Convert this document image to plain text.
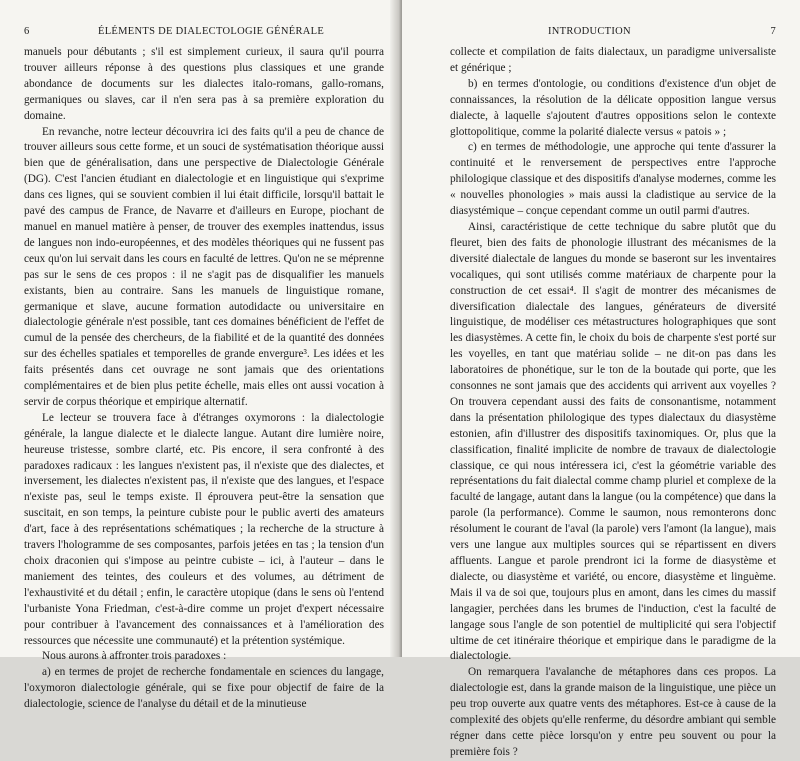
6	ÉLÉMENTS DE DIALECTOLOGIE GÉNÉRALE

manuels pour débutants ; s'il est simplement curieux, il saura qu'il pourra trouver ailleurs réponse à des questions plus classiques et une grande abondance de documents sur les dialectes italo-romans, gallo-romans, germaniques ou slaves, car il n'en sera pas à sa première exploration du domaine.

En revanche, notre lecteur découvrira ici des faits qu'il a peu de chance de trouver ailleurs sous cette forme, et un souci de systématisation théorique aussi bien que de généralisation, dans une perspective de Dialectologie Générale (DG). C'est l'ancien étudiant en dialectologie et en linguistique qui s'exprime dans ces lignes, qui se souvient combien il lui était difficile, lorsqu'il battait le pavé des campus de France, de Navarre et d'ailleurs en Europe, piochant de manuel en manuel matière à penser, de trouver des exemples inattendus, issus de langues non indo-européennes, et des modèles théoriques qui ne fussent pas ceux qu'on lui servait dans les cours en faculté de lettres. Qu'on ne se méprenne pas sur le sens de ces propos : il ne s'agit pas de disqualifier les manuels existants, bien au contraire. Sans les manuels de linguistique romane, germanique et slave, aucune formation autodidacte ou universitaire en dialectologie générale n'est possible, tant ces domaines bénéficient de l'effet de cumul de la pensée des chercheurs, de la fiabilité et de la quantité des données sur des échelles spatiales et temporelles de grande envergure³. Les idées et les faits présentés dans cet ouvrage ne sont jamais que des orientations complémentaires et de bien plus petite échelle, mais elles ont aussi vocation à servir de corpus théorique et empirique alternatif.

Le lecteur se trouvera face à d'étranges oxymorons : la dialectologie générale, la langue dialecte et le dialecte langue. Autant dire lumière noire, heureuse tristesse, sombre clarté, etc. Pis encore, il sera confronté à des paradoxes radicaux : les langues n'existent pas, il n'existe que des dialectes, et inversement, les dialectes n'existent pas, il n'existe que des langues, et l'espace n'existe pas, seul le temps existe. Il éprouvera peut-être la sensation que suscitait, en son temps, la peinture cubiste pour le public averti des amateurs d'art, face à des représentations schématiques ; la recherche de la structure à travers l'hologramme de ses composantes, parfois jetées en tas ; la tension d'un choix draconien qui s'impose au peintre cubiste – ici, à l'auteur – dans le maniement des teintes, des couleurs et des volumes, au détriment de l'exhaustivité et du détail ; enfin, le caractère utopique (dans le sens où l'entend l'urbaniste Yona Friedman, c'est-à-dire comme un projet d'expert nécessaire pour contribuer à l'avancement des connaissances et à l'amélioration des ressources que nécessite une communauté) et la prétention systémique.

Nous aurons à affronter trois paradoxes :

a) en termes de projet de recherche fondamentale en sciences du langage, l'oxymoron dialectologie générale, qui se fixe pour objectif de faire de la dialectologie, science de l'analyse du détail et de la minutieuse

INTRODUCTION	7

collecte et compilation de faits dialectaux, un paradigme universaliste et générique ;

b) en termes d'ontologie, ou conditions d'existence d'un objet de connaissances, la résolution de la délicate opposition langue versus dialecte, à laquelle s'ajoutent d'autres oppositions selon le contexte glottopolitique, comme la polarité dialecte versus « patois » ;

c) en termes de méthodologie, une approche qui tente d'assurer la continuité et le renversement de perspectives entre l'approche philologique classique et des dispositifs d'analyse modernes, comme les « nouvelles phonologies » mais aussi la cladistique au service de la diasystémique – conçue cependant comme un outil parmi d'autres.

Ainsi, caractéristique de cette technique du sabre plutôt que du fleuret, bien des faits de phonologie illustrant des mécanismes de la diversité dialectale de langues du monde se baseront sur les inventaires vocaliques, qui sont utilisés comme matériaux de charpente pour la construction de cet essai⁴. Il s'agit de montrer des mécanismes de diversification dialectale des langues, générateurs de diversité linguistique, de modéliser ces métastructures holographiques que sont les diasystèmes. A cette fin, le choix du bois de charpente s'est porté sur les voyelles, en tant que matériau solide – ne dit-on pas dans les laboratoires de phonétique, sur le ton de la boutade qui porte, que les consonnes ne sont jamais que des accidents qui arrivent aux voyelles ? On trouvera cependant aussi des faits de consonantisme, notamment dans la présentation philologique des types dialectaux du diasystème estonien, afin d'illustrer des dispositifs taxinomiques. Or, plus que la classification, finalité implicite de nombre de travaux de dialectologie classique, ce qui nous intéressera ici, c'est la géométrie variable des représentations du fait dialectal comme champ pluriel et complexe de la faculté de langage, autant dans la langue (ou la compétence) que dans la parole (la performance). Comme le saumon, nous remonterons donc résolument le courant de l'aval (la parole) vers l'amont (la langue), mais vers une langue aux multiples sources qui se répartissent en divers affluents. Langue et parole prendront ici la forme de diasystème et dialecte, ou diasystème et variété, ou encore, diasystème et linguème. Mais il va de soi que, toujours plus en amont, dans les cimes du massif langagier, perchées dans les brumes de l'induction, c'est la faculté de langage sous l'angle de son potentiel de multiplicité qui sera l'objectif ultime de cet itinéraire théorique et empirique dans le paradigme de la dialectologie.

On remarquera l'avalanche de métaphores dans ces propos. La dialectologie est, dans la grande maison de la linguistique, une pièce un peu trop ouverte aux quatre vents des métaphores. Est-ce à cause de la complexité des objets qu'elle renferme, du désordre ambiant qui semble régner dans cette pièce lorsqu'on y entre peu souvent ou pour la première fois ?
